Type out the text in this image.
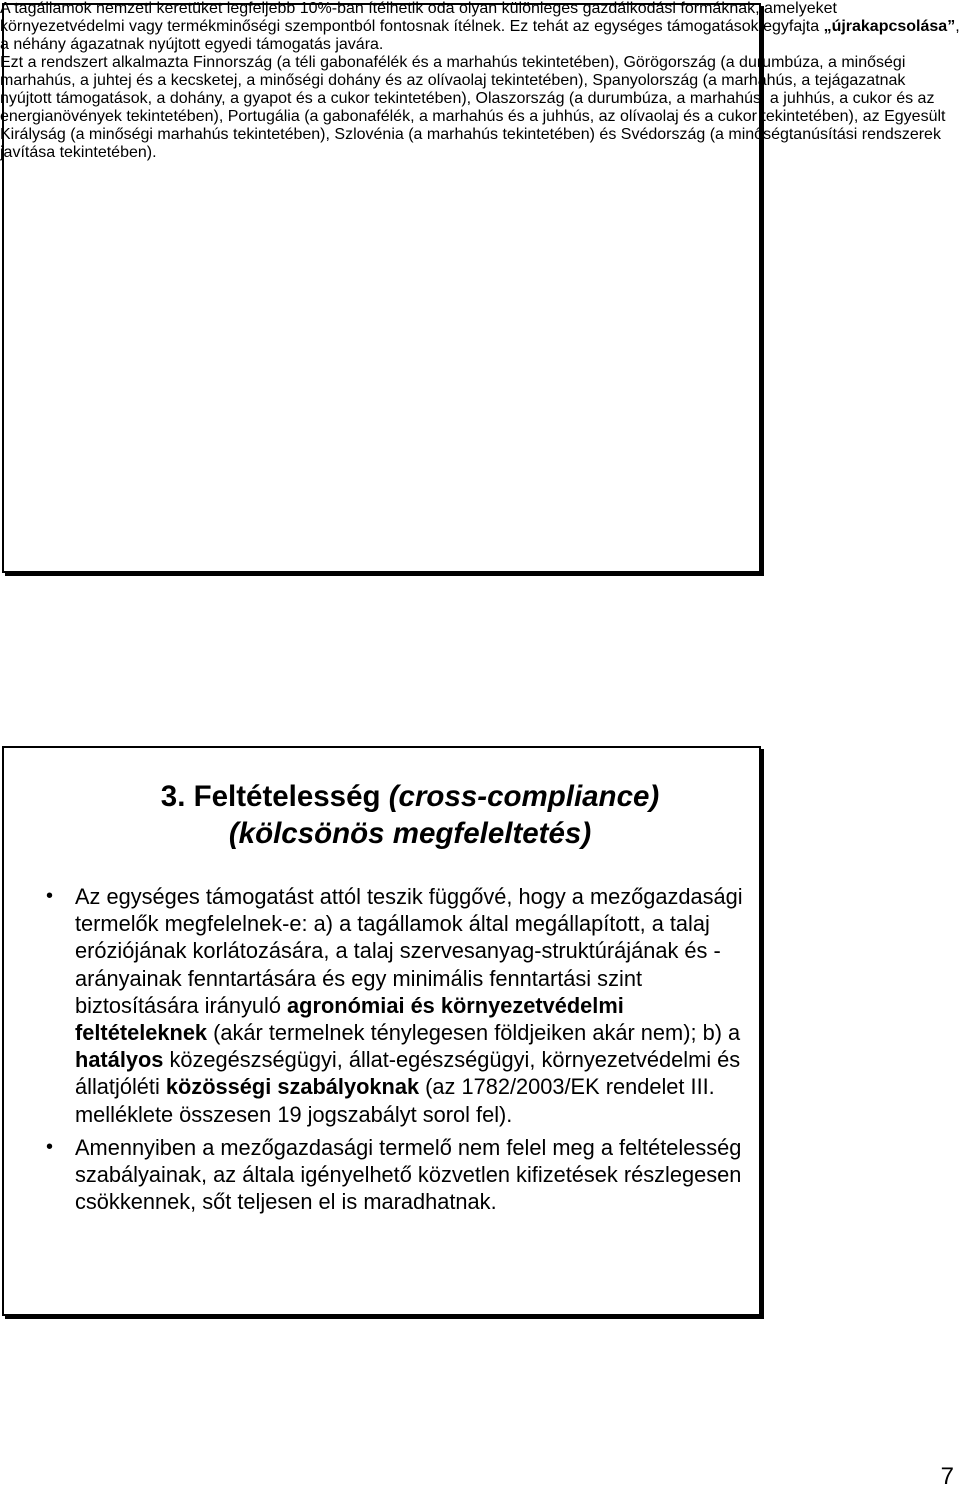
A tagállamok nemzeti keretüket legfeljebb 10%-ban ítélhetik oda olyan különleges gazdálkodási formáknak, amelyeket környezetvédelmi vagy termékminőségi szempontból fontosnak ítélnek. Ez tehát az egységes támogatások egyfajta „újrakapcsolása”, a néhány ágazatnak nyújtott egyedi támogatás javára.
Ezt a rendszert alkalmazta Finnország (a téli gabonafélék és a marhahús tekintetében), Görögország (a durumbúza, a minőségi marhahús, a juhtej és a kecsketej, a minőségi dohány és az olívaolaj tekintetében), Spanyolország (a marhahús, a tejágazatnak nyújtott támogatások, a dohány, a gyapot és a cukor tekintetében), Olaszország (a durumbúza, a marhahús, a juhhús, a cukor és az energianövények tekintetében), Portugália (a gabonafélék, a marhahús és a juhhús, az olívaolaj és a cukor tekintetében), az Egyesült Királyság (a minőségi marhahús tekintetében), Szlovénia (a marhahús tekintetében) és Svédország (a minőségtanúsítási rendszerek javítása tekintetében).
3. Feltételesség (cross-compliance)
(kölcsönös megfeleltetés)
• Az egységes támogatást attól teszik függővé, hogy a mezőgazdasági termelők megfelelnek-e: a) a tagállamok által megállapított, a talaj eróziójának korlátozására, a talaj szervesanyag-struktúrájának és -arányainak fenntartására és egy minimális fenntartási szint biztosítására irányuló agronómiai és környezetvédelmi feltételeknek (akár termelnek ténylegesen földjeiken akár nem); b) a hatályos közegészségügyi, állat-egészségügyi, környezetvédelmi és állatjóléti közösségi szabályoknak (az 1782/2003/EK rendelet III. melléklete összesen 19 jogszabályt sorol fel).
• Amennyiben a mezőgazdasági termelő nem felel meg a feltételesség szabályainak, az általa igényelhető közvetlen kifizetések részlegesen csökkennek, sőt teljesen el is maradhatnak.
7
